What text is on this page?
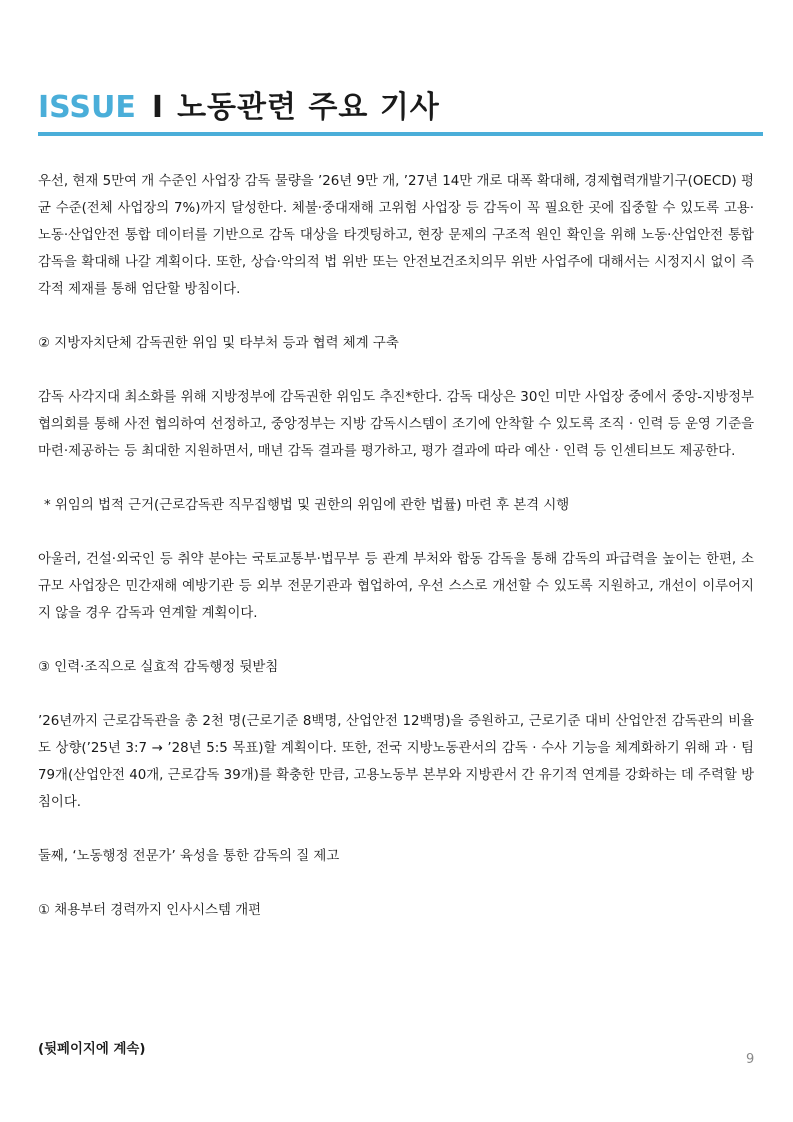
ISSUE I 노동관련 주요 기사

우선, 현재 5만여 개 수준인 사업장 감독 물량을 ’26년 9만 개, ’27년 14만 개로 대폭 확대해, 경제협력개발기구(OECD) 평균 수준(전체 사업장의 7%)까지 달성한다. 체불·중대재해 고위험 사업장 등 감독이 꼭 필요한 곳에 집중할 수 있도록 고용·노동·산업안전 통합 데이터를 기반으로 감독 대상을 타겟팅하고, 현장 문제의 구조적 원인 확인을 위해 노동·산업안전 통합감독을 확대해 나갈 계획이다. 또한, 상습·악의적 법 위반 또는 안전보건조치의무 위반 사업주에 대해서는 시정지시 없이 즉각적 제재를 통해 엄단할 방침이다.

② 지방자치단체 감독권한 위임 및 타부처 등과 협력 체계 구축

감독 사각지대 최소화를 위해 지방정부에 감독권한 위임도 추진*한다. 감독 대상은 30인 미만 사업장 중에서 중앙-지방정부 협의회를 통해 사전 협의하여 선정하고, 중앙정부는 지방 감독시스템이 조기에 안착할 수 있도록 조직 · 인력 등 운영 기준을 마련·제공하는 등 최대한 지원하면서, 매년 감독 결과를 평가하고, 평가 결과에 따라 예산 · 인력 등 인센티브도 제공한다.

* 위임의 법적 근거(근로감독관 직무집행법 및 권한의 위임에 관한 법률) 마련 후 본격 시행

아울러, 건설·외국인 등 취약 분야는 국토교통부·법무부 등 관계 부처와 합동 감독을 통해 감독의 파급력을 높이는 한편, 소규모 사업장은 민간재해 예방기관 등 외부 전문기관과 협업하여, 우선 스스로 개선할 수 있도록 지원하고, 개선이 이루어지지 않을 경우 감독과 연계할 계획이다.

③ 인력·조직으로 실효적 감독행정 뒷받침

’26년까지 근로감독관을 총 2천 명(근로기준 8백명, 산업안전 12백명)을 증원하고, 근로기준 대비 산업안전 감독관의 비율도 상향(’25년 3:7 → ’28년 5:5 목표)할 계획이다. 또한, 전국 지방노동관서의 감독 · 수사 기능을 체계화하기 위해 과 · 팀 79개(산업안전 40개, 근로감독 39개)를 확충한 만큼, 고용노동부 본부와 지방관서 간 유기적 연계를 강화하는 데 주력할 방침이다.

둘째, ‘노동행정 전문가’ 육성을 통한 감독의 질 제고

① 채용부터 경력까지 인사시스템 개편

(뒷페이지에 계속)
9
